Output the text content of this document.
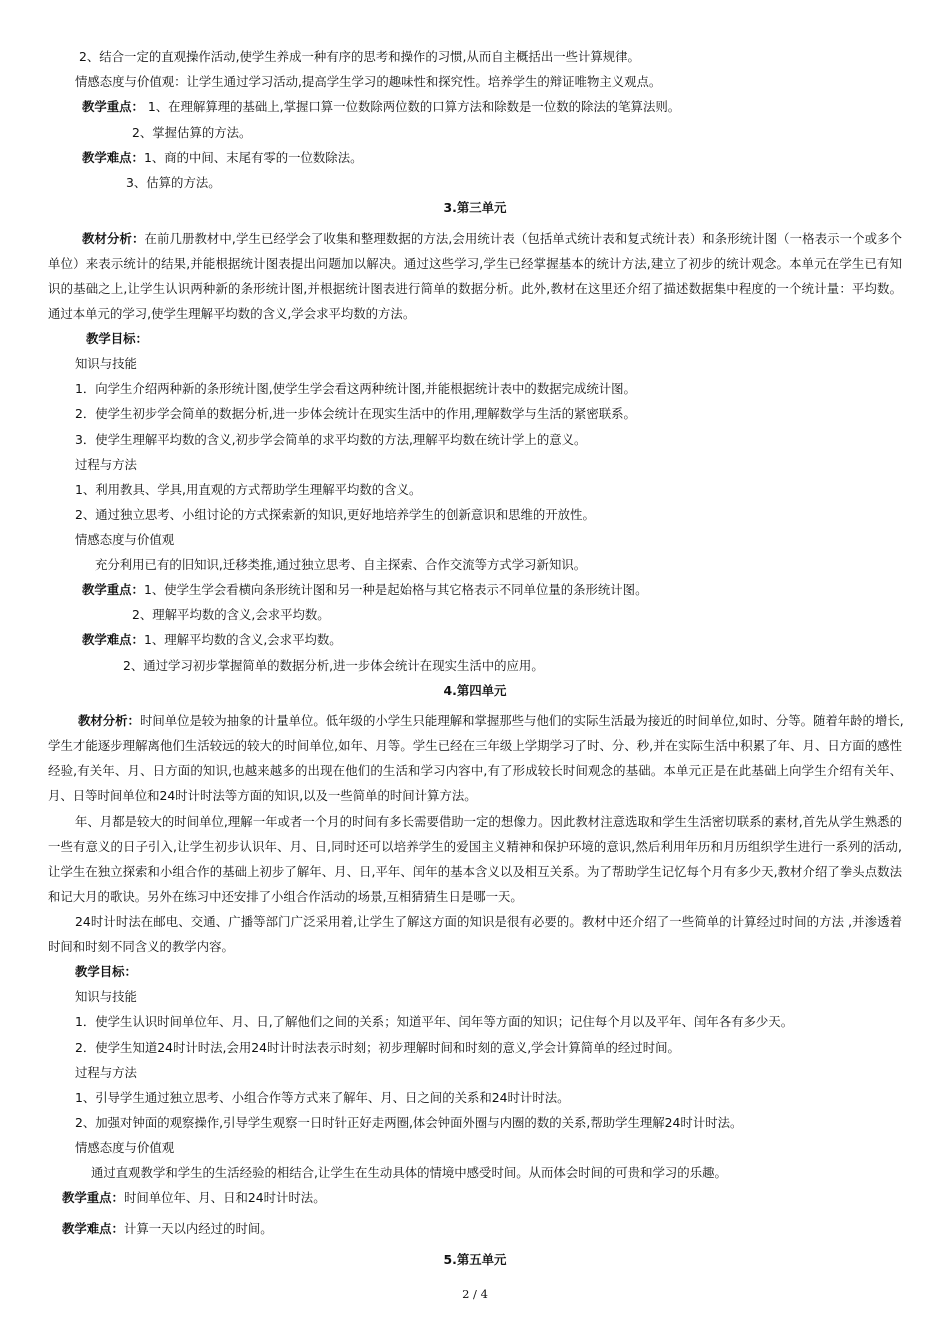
2、结合一定的直观操作活动,使学生养成一种有序的思考和操作的习惯,从而自主概括出一些计算规律。
情感态度与价值观：让学生通过学习活动,提高学生学习的趣味性和探究性。培养学生的辩证唯物主义观点。
教学重点： 1、在理解算理的基础上,掌握口算一位数除两位数的口算方法和除数是一位数的除法的笔算法则。
2、掌握估算的方法。
教学难点：1、商的中间、末尾有零的一位数除法。
3、估算的方法。
3.第三单元
教材分析：在前几册教材中,学生已经学会了收集和整理数据的方法,会用统计表（包括单式统计表和复式统计表）和条形统计图（一格表示一个或多个
单位）来表示统计的结果,并能根据统计图表提出问题加以解决。通过这些学习,学生已经掌握基本的统计方法,建立了初步的统计观念。本单元在学生已有知
识的基础之上,让学生认识两种新的条形统计图,并根据统计图表进行简单的数据分析。此外,教材在这里还介绍了描述数据集中程度的一个统计量：平均数。
通过本单元的学习,使学生理解平均数的含义,学会求平均数的方法。
教学目标：
知识与技能
1．向学生介绍两种新的条形统计图,使学生学会看这两种统计图,并能根据统计表中的数据完成统计图。
2．使学生初步学会简单的数据分析,进一步体会统计在现实生活中的作用,理解数学与生活的紧密联系。
3．使学生理解平均数的含义,初步学会简单的求平均数的方法,理解平均数在统计学上的意义。
过程与方法
1、利用教具、学具,用直观的方式帮助学生理解平均数的含义。
2、通过独立思考、小组讨论的方式探索新的知识,更好地培养学生的创新意识和思维的开放性。
情感态度与价值观
充分利用已有的旧知识,迁移类推,通过独立思考、自主探索、合作交流等方式学习新知识。
教学重点：1、使学生学会看横向条形统计图和另一种是起始格与其它格表示不同单位量的条形统计图。
2、理解平均数的含义,会求平均数。
教学难点：1、理解平均数的含义,会求平均数。
2、通过学习初步掌握简单的数据分析,进一步体会统计在现实生活中的应用。
4.第四单元
教材分析：时间单位是较为抽象的计量单位。低年级的小学生只能理解和掌握那些与他们的实际生活最为接近的时间单位,如时、分等。随着年龄的增长,
学生才能逐步理解离他们生活较远的较大的时间单位,如年、月等。学生已经在三年级上学期学习了时、分、秒,并在实际生活中积累了年、月、日方面的感性
经验,有关年、月、日方面的知识,也越来越多的出现在他们的生活和学习内容中,有了形成较长时间观念的基础。本单元正是在此基础上向学生介绍有关年、
月、日等时间单位和24时计时法等方面的知识,以及一些简单的时间计算方法。
年、月都是较大的时间单位,理解一年或者一个月的时间有多长需要借助一定的想像力。因此教材注意选取和学生生活密切联系的素材,首先从学生熟悉的
一些有意义的日子引入,让学生初步认识年、月、日,同时还可以培养学生的爱国主义精神和保护环境的意识,然后利用年历和月历组织学生进行一系列的活动,
让学生在独立探索和小组合作的基础上初步了解年、月、日,平年、闰年的基本含义以及相互关系。为了帮助学生记忆每个月有多少天,教材介绍了拳头点数法
和记大月的歌诀。另外在练习中还安排了小组合作活动的场景,互相猜猜生日是哪一天。
24时计时法在邮电、交通、广播等部门广泛采用着,让学生了解这方面的知识是很有必要的。教材中还介绍了一些简单的计算经过时间的方法 ,并渗透着
时间和时刻不同含义的教学内容。
教学目标：
知识与技能
1．使学生认识时间单位年、月、日,了解他们之间的关系；知道平年、闰年等方面的知识；记住每个月以及平年、闰年各有多少天。
2．使学生知道24时计时法,会用24时计时法表示时刻；初步理解时间和时刻的意义,学会计算简单的经过时间。
过程与方法
1、引导学生通过独立思考、小组合作等方式来了解年、月、日之间的关系和24时计时法。
2、加强对钟面的观察操作,引导学生观察一日时针正好走两圈,体会钟面外圈与内圈的数的关系,帮助学生理解24时计时法。
情感态度与价值观
通过直观教学和学生的生活经验的相结合,让学生在生动具体的情境中感受时间。从而体会时间的可贵和学习的乐趣。
教学重点：时间单位年、月、日和24时计时法。
教学难点：计算一天以内经过的时间。
5.第五单元
2 / 4
